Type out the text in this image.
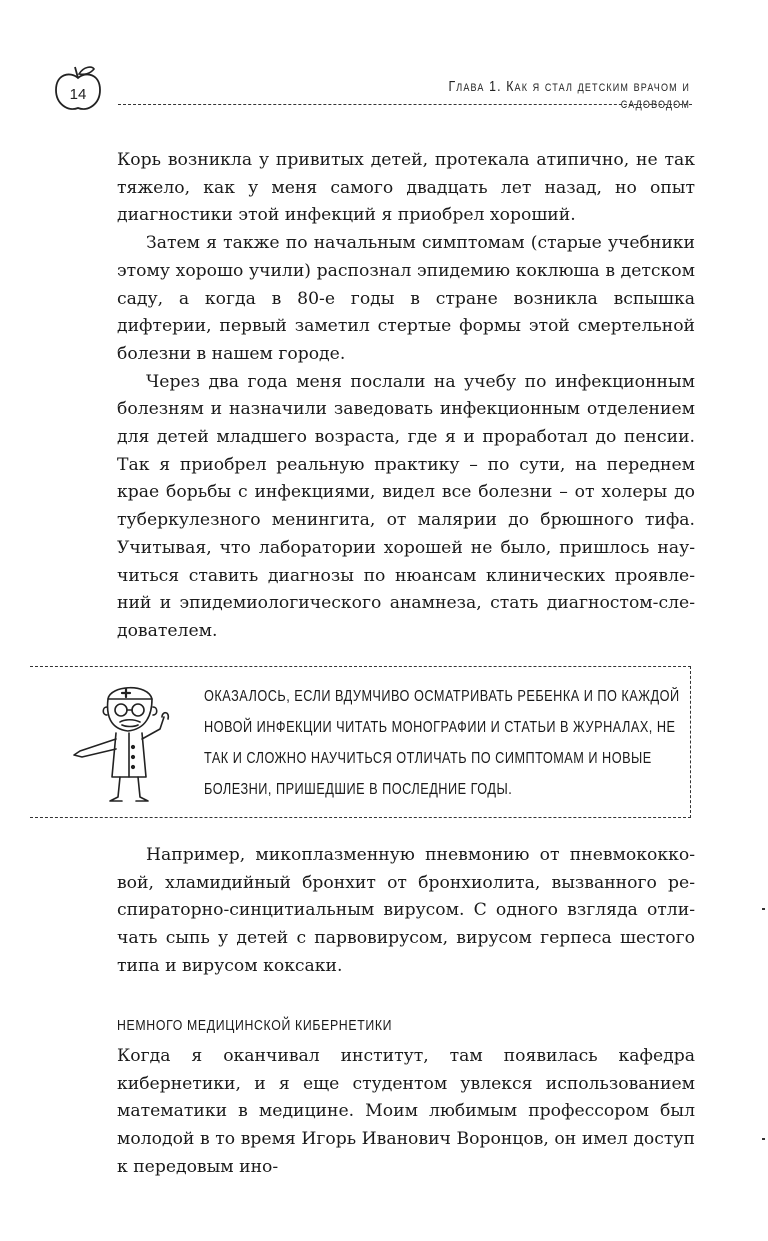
14	Глава 1. Как я стал детским врачом и садоводом

Корь возникла у привитых детей, протекала атипично, не так тяжело, как у меня самого двадцать лет назад, но опыт диагностики этой инфекций я приобрел хороший.

Затем я также по начальным симптомам (старые учебники этому хорошо учили) распознал эпидемию коклюша в детском саду, а когда в 80-е годы в стране возникла вспышка дифтерии, первый заметил стертые формы этой смертельной болезни в нашем городе.

Через два года меня послали на учебу по инфекционным болезням и назначили заведовать инфекционным отделением для детей младшего возраста, где я и проработал до пенсии. Так я приобрел реальную практику – по сути, на переднем крае борьбы с инфекциями, видел все болезни – от холеры до туберкулезного менингита, от малярии до брюшного тифа. Учитывая, что лаборатории хорошей не было, пришлось научиться ставить диагнозы по нюансам клинических проявлений и эпидемиологического анамнеза, стать диагностом-следователем.

ОКАЗАЛОСЬ, ЕСЛИ ВДУМЧИВО ОСМАТРИВАТЬ РЕБЕНКА И ПО КАЖДОЙ НОВОЙ ИНФЕКЦИИ ЧИТАТЬ МОНОГРАФИИ И СТАТЬИ В ЖУРНАЛАХ, НЕ ТАК И СЛОЖНО НАУЧИТЬСЯ ОТЛИЧАТЬ ПО СИМПТОМАМ И НОВЫЕ БОЛЕЗНИ, ПРИШЕДШИЕ В ПОСЛЕДНИЕ ГОДЫ.

Например, микоплазменную пневмонию от пневмококковой, хламидийный бронхит от бронхиолита, вызванного респираторно-синцитиальным вирусом. С одного взгляда отличать сыпь у детей с парвовирусом, вирусом герпеса шестого типа и вирусом коксаки.

НЕМНОГО МЕДИЦИНСКОЙ КИБЕРНЕТИКИ

Когда я оканчивал институт, там появилась кафедра кибернетики, и я еще студентом увлекся использованием математики в медицине. Моим любимым профессором был молодой в то время Игорь Иванович Воронцов, он имел доступ к передовым ино-
